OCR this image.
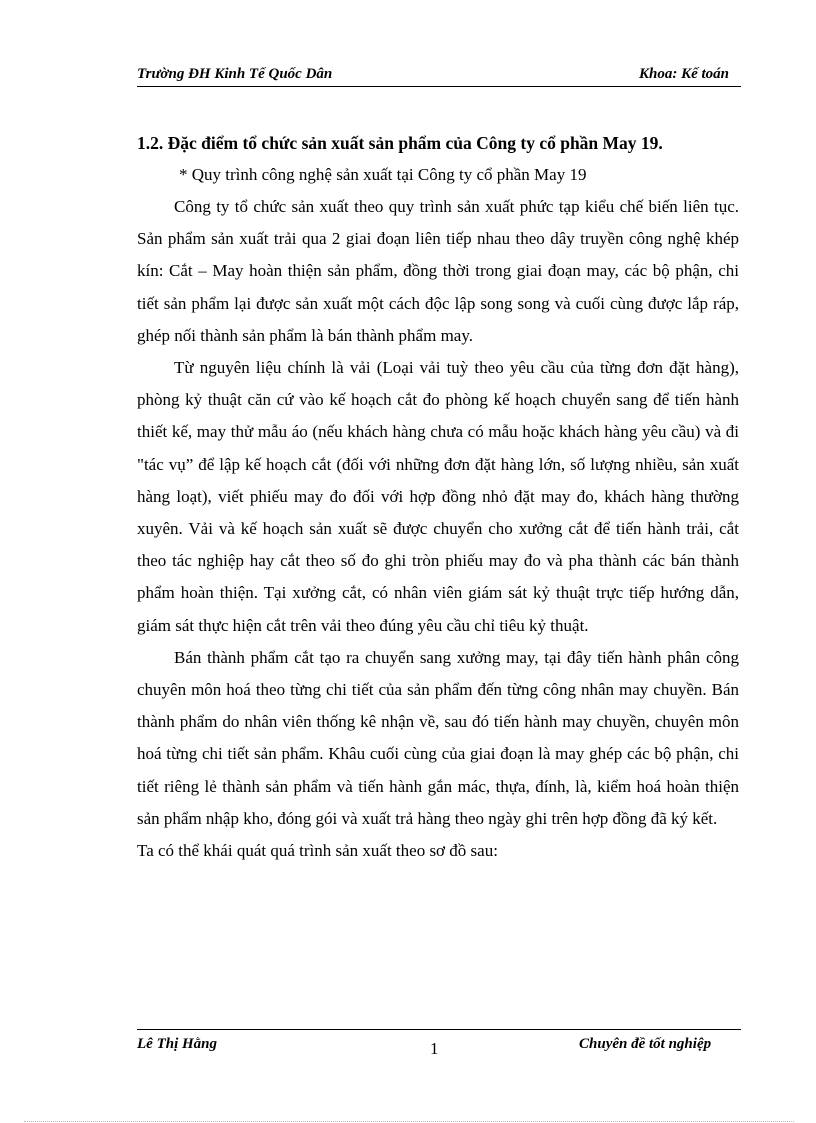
Trường ĐH Kinh Tế Quốc Dân	Khoa: Kế toán

1.2. Đặc điểm tổ chức sản xuất sản phẩm của Công ty cổ phần May 19.

* Quy trình công nghệ sản xuất tại Công ty cổ phần May 19

Công ty tổ chức sản xuất theo quy trình sản xuất phức tạp kiểu chế biến liên tục. Sản phẩm sản xuất trải qua 2 giai đoạn liên tiếp nhau theo dây truyền công nghệ khép kín: Cắt – May hoàn thiện sản phẩm, đồng thời trong giai đoạn may, các bộ phận, chi tiết sản phẩm lại được sản xuất một cách độc lập song song và cuối cùng được lắp ráp, ghép nối thành sản phẩm là bán thành phẩm may.

Từ nguyên liệu chính là vải (Loại vải tuỳ theo yêu cầu của từng đơn đặt hàng), phòng kỷ thuật căn cứ vào kế hoạch cắt đo phòng kế hoạch chuyển sang để tiến hành thiết kế, may thử mẫu áo (nếu khách hàng chưa có mẫu hoặc khách hàng yêu cầu) và đi "tác vụ” để lập kế hoạch cắt (đối với những đơn đặt hàng lớn, số lượng nhiều, sản xuất hàng loạt), viết phiếu may đo đối với hợp đồng nhỏ đặt may đo, khách hàng thường xuyên. Vải và kế hoạch sản xuất sẽ được chuyển cho xưởng cắt để tiến hành trải, cắt theo tác nghiệp hay cắt theo số đo ghi tròn phiếu may đo và pha thành các bán thành phẩm hoàn thiện. Tại xưởng cắt, có nhân viên giám sát kỷ thuật trực tiếp hướng dẫn, giám sát thực hiện cắt trên vải theo đúng yêu cầu chỉ tiêu kỷ thuật.

Bán thành phẩm cắt tạo ra chuyển sang xưởng may, tại đây tiến hành phân công chuyên môn hoá theo từng chi tiết của sản phẩm đến từng công nhân may chuyền. Bán thành phẩm do nhân viên thống kê nhận về, sau đó tiến hành may chuyền, chuyên môn hoá từng chi tiết sản phẩm. Khâu cuối cùng của giai đoạn là may ghép các bộ phận, chi tiết riêng lẻ thành sản phẩm và tiến hành gắn mác, thựa, đính, là, kiểm hoá hoàn thiện sản phẩm nhập kho, đóng gói và xuất trả hàng theo ngày ghi trên hợp đồng đã ký kết.

Ta có thể khái quát quá trình sản xuất theo sơ đồ sau:

Lê Thị Hằng	1	Chuyên đề tốt nghiệp
